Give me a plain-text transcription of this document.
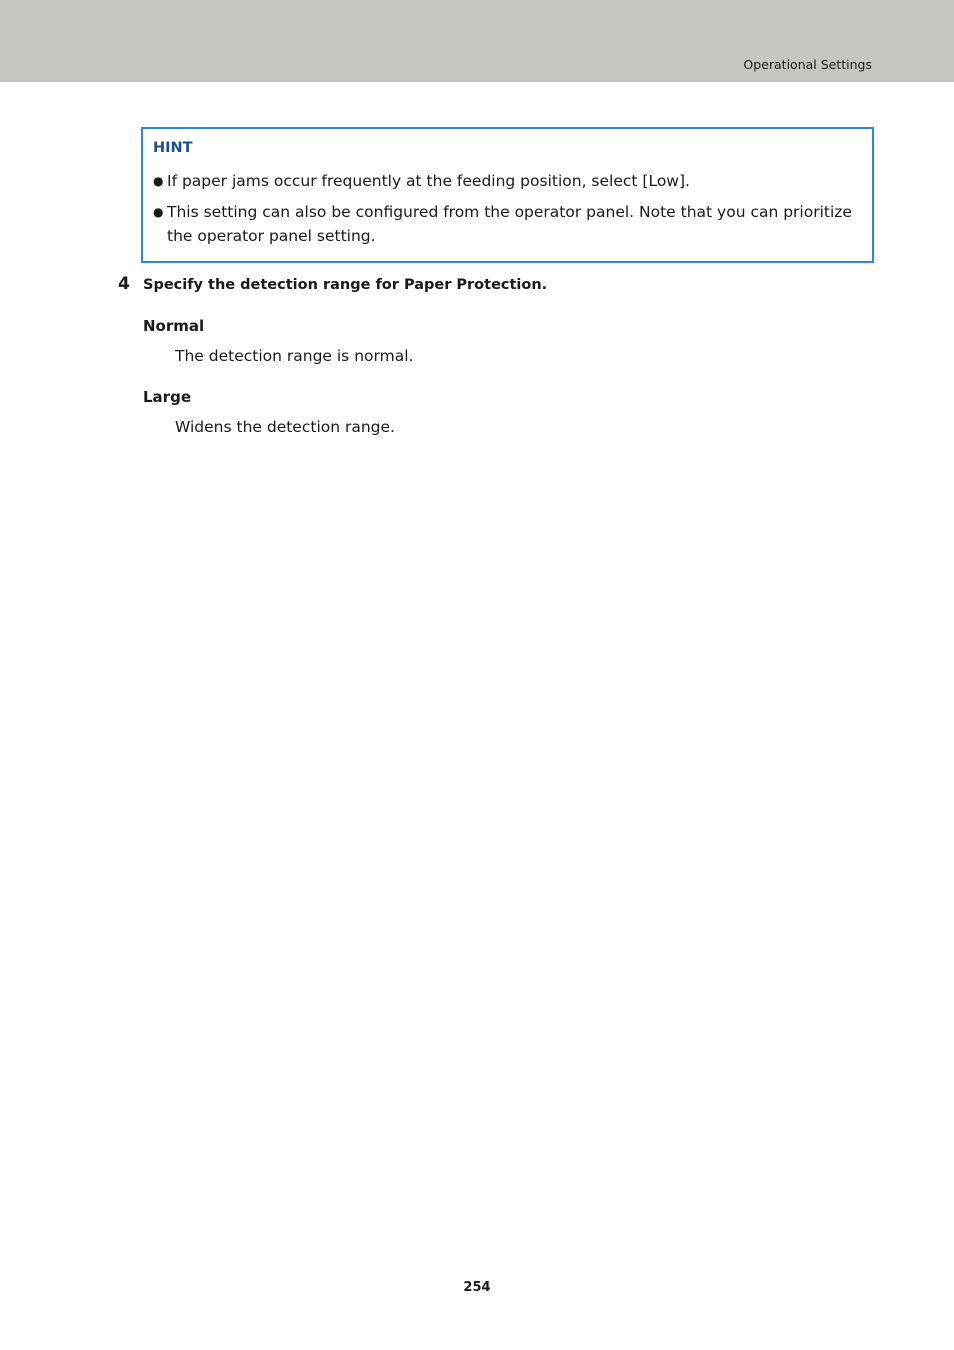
Operational Settings
HINT
● If paper jams occur frequently at the feeding position, select [Low].
● This setting can also be configured from the operator panel. Note that you can prioritize the operator panel setting.
4 Specify the detection range for Paper Protection.
Normal
The detection range is normal.
Large
Widens the detection range.
254
